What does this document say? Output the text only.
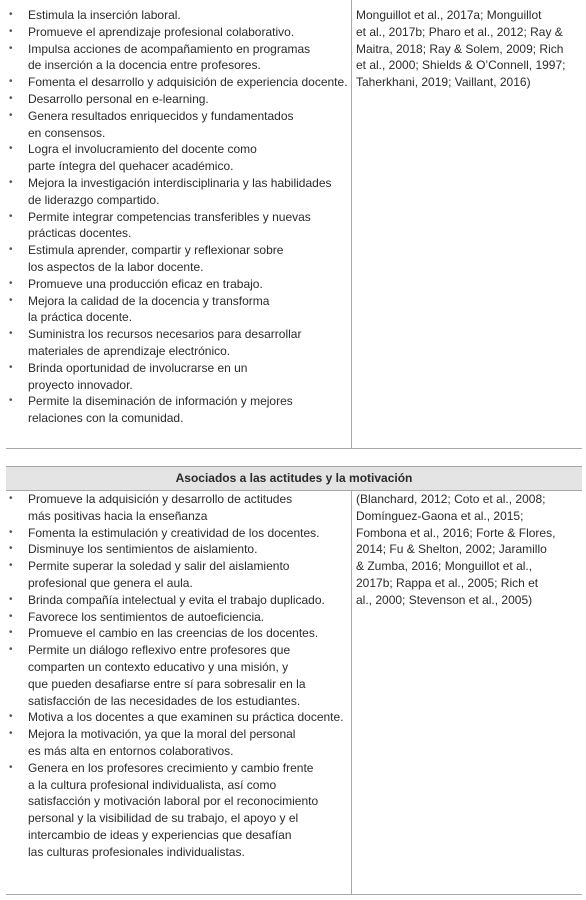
• Estimula la inserción laboral.
• Promueve el aprendizaje profesional colaborativo.
• Impulsa acciones de acompañamiento en programas
de inserción a la docencia entre profesores.
• Fomenta el desarrollo y adquisición de experiencia docente.
• Desarrollo personal en e-learning.
• Genera resultados enriquecidos y fundamentados
en consensos.
• Logra el involucramiento del docente como
parte íntegra del quehacer académico.
• Mejora la investigación interdisciplinaria y las habilidades
de liderazgo compartido.
• Permite integrar competencias transferibles y nuevas
prácticas docentes.
• Estimula aprender, compartir y reflexionar sobre
los aspectos de la labor docente.
• Promueve una producción eficaz en trabajo.
• Mejora la calidad de la docencia y transforma
la práctica docente.
• Suministra los recursos necesarios para desarrollar
materiales de aprendizaje electrónico.
• Brinda oportunidad de involucrarse en un
proyecto innovador.
• Permite la diseminación de información y mejores
relaciones con la comunidad.

Monguillot et al., 2017a; Monguillot
et al., 2017b; Pharo et al., 2012; Ray &
Maitra, 2018; Ray & Solem, 2009; Rich
et al., 2000; Shields & O’Connell, 1997;
Taherkhani, 2019; Vaillant, 2016)

Asociados a las actitudes y la motivación
• Promueve la adquisición y desarrollo de actitudes
más positivas hacia la enseñanza
• Fomenta la estimulación y creatividad de los docentes.
• Disminuye los sentimientos de aislamiento.
• Permite superar la soledad y salir del aislamiento
profesional que genera el aula.
• Brinda compañía intelectual y evita el trabajo duplicado.
• Favorece los sentimientos de autoeficiencia.
• Promueve el cambio en las creencias de los docentes.
• Permite un diálogo reflexivo entre profesores que
comparten un contexto educativo y una misión, y
que pueden desafiarse entre sí para sobresalir en la
satisfacción de las necesidades de los estudiantes.
• Motiva a los docentes a que examinen su práctica docente.
• Mejora la motivación, ya que la moral del personal
es más alta en entornos colaborativos.
• Genera en los profesores crecimiento y cambio frente
a la cultura profesional individualista, así como
satisfacción y motivación laboral por el reconocimiento
personal y la visibilidad de su trabajo, el apoyo y el
intercambio de ideas y experiencias que desafían
las culturas profesionales individualistas.

(Blanchard, 2012; Coto et al., 2008;
Domínguez-Gaona et al., 2015;
Fombona et al., 2016; Forte & Flores,
2014; Fu & Shelton, 2002; Jaramillo
& Zumba, 2016; Monguillot et al.,
2017b; Rappa et al., 2005; Rich et
al., 2000; Stevenson et al., 2005)
